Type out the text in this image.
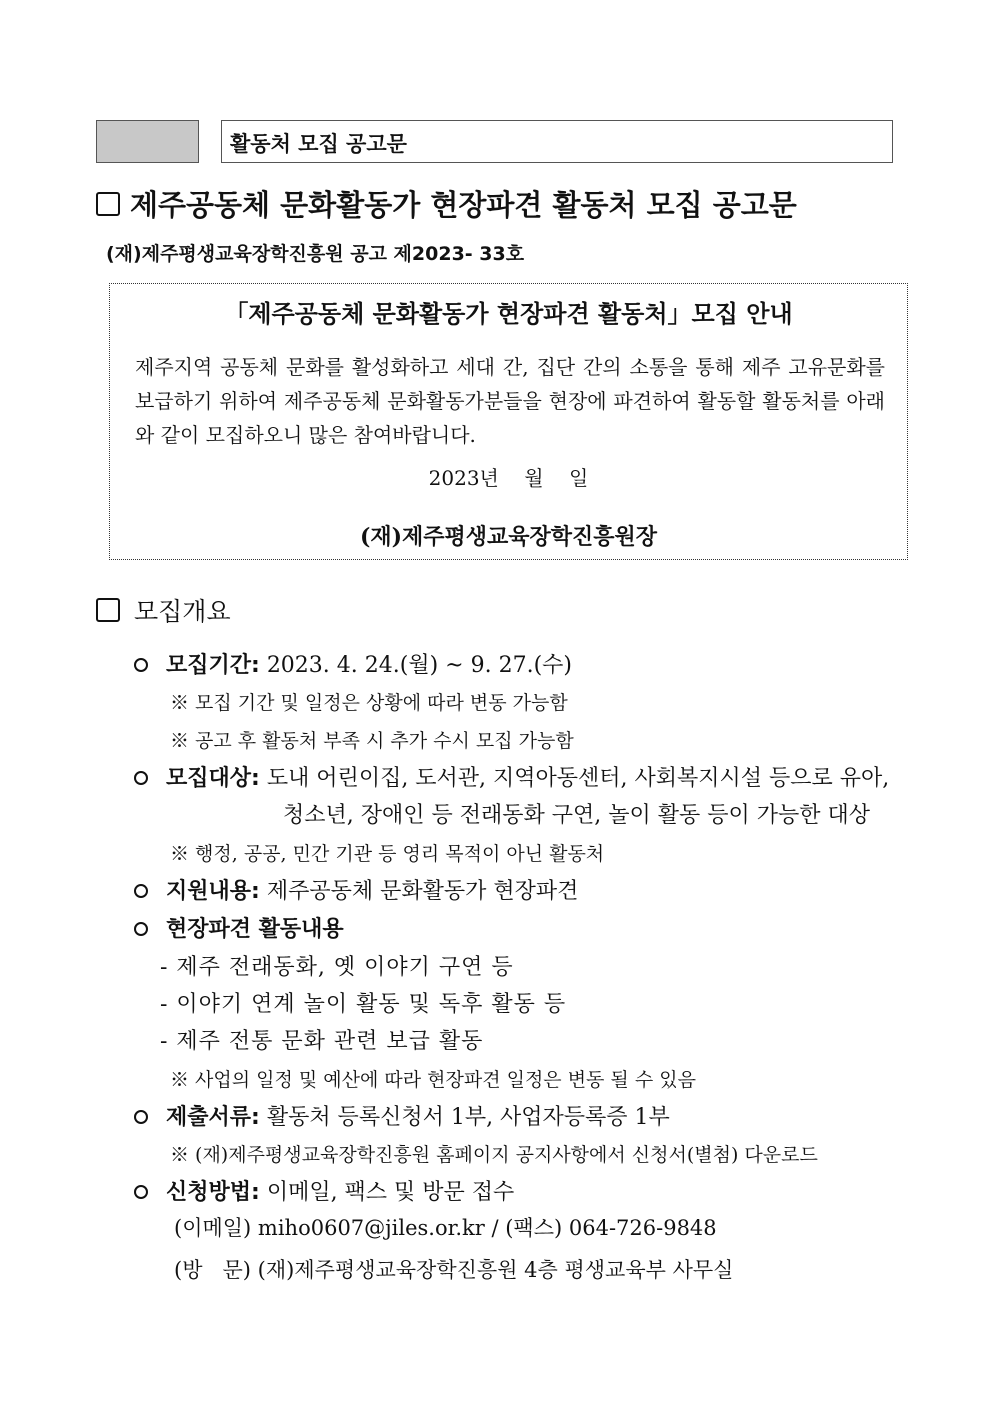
활동처 모집 공고문
제주공동체 문화활동가 현장파견 활동처 모집 공고문
(재)제주평생교육장학진흥원 공고 제2023- 33호
「제주공동체 문화활동가 현장파견 활동처」모집 안내
제주지역 공동체 문화를 활성화하고 세대 간, 집단 간의 소통을 통해 제주 고유문화를 보급하기 위하여 제주공동체 문화활동가분들을 현장에 파견하여 활동할 활동처를 아래와 같이 모집하오니 많은 참여바랍니다.
2023년    월    일
(재)제주평생교육장학진흥원장
모집개요
모집기간: 2023. 4. 24.(월) ~ 9. 27.(수)
※ 모집 기간 및 일정은 상황에 따라 변동 가능함
※ 공고 후 활동처 부족 시 추가 수시 모집 가능함
모집대상: 도내 어린이집, 도서관, 지역아동센터, 사회복지시설 등으로 유아,
청소년, 장애인 등 전래동화 구연, 놀이 활동 등이 가능한 대상
※ 행정, 공공, 민간 기관 등 영리 목적이 아닌 활동처
지원내용: 제주공동체 문화활동가 현장파견
현장파견 활동내용
- 제주 전래동화, 옛 이야기 구연 등
- 이야기 연계 놀이 활동 및 독후 활동 등
- 제주 전통 문화 관련 보급 활동
※ 사업의 일정 및 예산에 따라 현장파견 일정은 변동 될 수 있음
제출서류: 활동처 등록신청서 1부, 사업자등록증 1부
※ (재)제주평생교육장학진흥원 홈페이지 공지사항에서 신청서(별첨) 다운로드
신청방법: 이메일, 팩스 및 방문 접수
(이메일) miho0607@jiles.or.kr / (팩스) 064-726-9848
(방   문) (재)제주평생교육장학진흥원 4층 평생교육부 사무실
